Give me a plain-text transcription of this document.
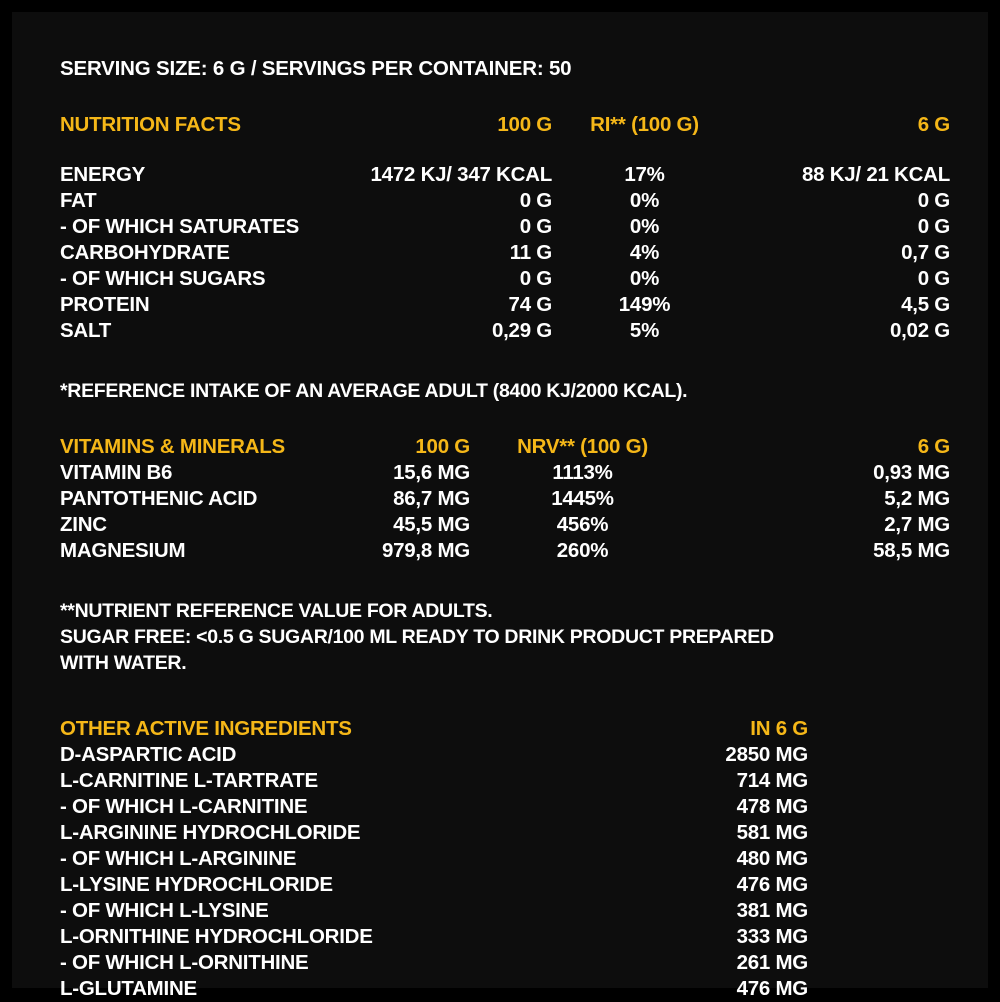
SERVING SIZE: 6 G / SERVINGS PER CONTAINER: 50
NUTRITION FACTS	100 G	RI** (100 G)	6 G
ENERGY	1472 KJ/ 347 KCAL	17%	88 KJ/ 21 KCAL
FAT	0 G	0%	0 G
- OF WHICH SATURATES	0 G	0%	0 G
CARBOHYDRATE	11 G	4%	0,7 G
- OF WHICH SUGARS	0 G	0%	0 G
PROTEIN	74 G	149%	4,5 G
SALT	0,29 G	5%	0,02 G
*REFERENCE INTAKE OF AN AVERAGE ADULT (8400 KJ/2000 KCAL).
VITAMINS & MINERALS	100 G	NRV** (100 G)	6 G
VITAMIN B6	15,6 MG	1113%	0,93 MG
PANTOTHENIC ACID	86,7 MG	1445%	5,2 MG
ZINC	45,5 MG	456%	2,7 MG
MAGNESIUM	979,8 MG	260%	58,5 MG
**NUTRIENT REFERENCE VALUE FOR ADULTS.
SUGAR FREE: <0.5 G SUGAR/100 ML READY TO DRINK PRODUCT PREPARED
WITH WATER.
OTHER ACTIVE INGREDIENTS	IN 6 G
D-ASPARTIC ACID	2850 MG
L-CARNITINE L-TARTRATE	714 MG
- OF WHICH L-CARNITINE	478 MG
L-ARGININE HYDROCHLORIDE	581 MG
- OF WHICH L-ARGININE	480 MG
L-LYSINE HYDROCHLORIDE	476 MG
- OF WHICH L-LYSINE	381 MG
L-ORNITHINE HYDROCHLORIDE	333 MG
- OF WHICH L-ORNITHINE	261 MG
L-GLUTAMINE	476 MG
